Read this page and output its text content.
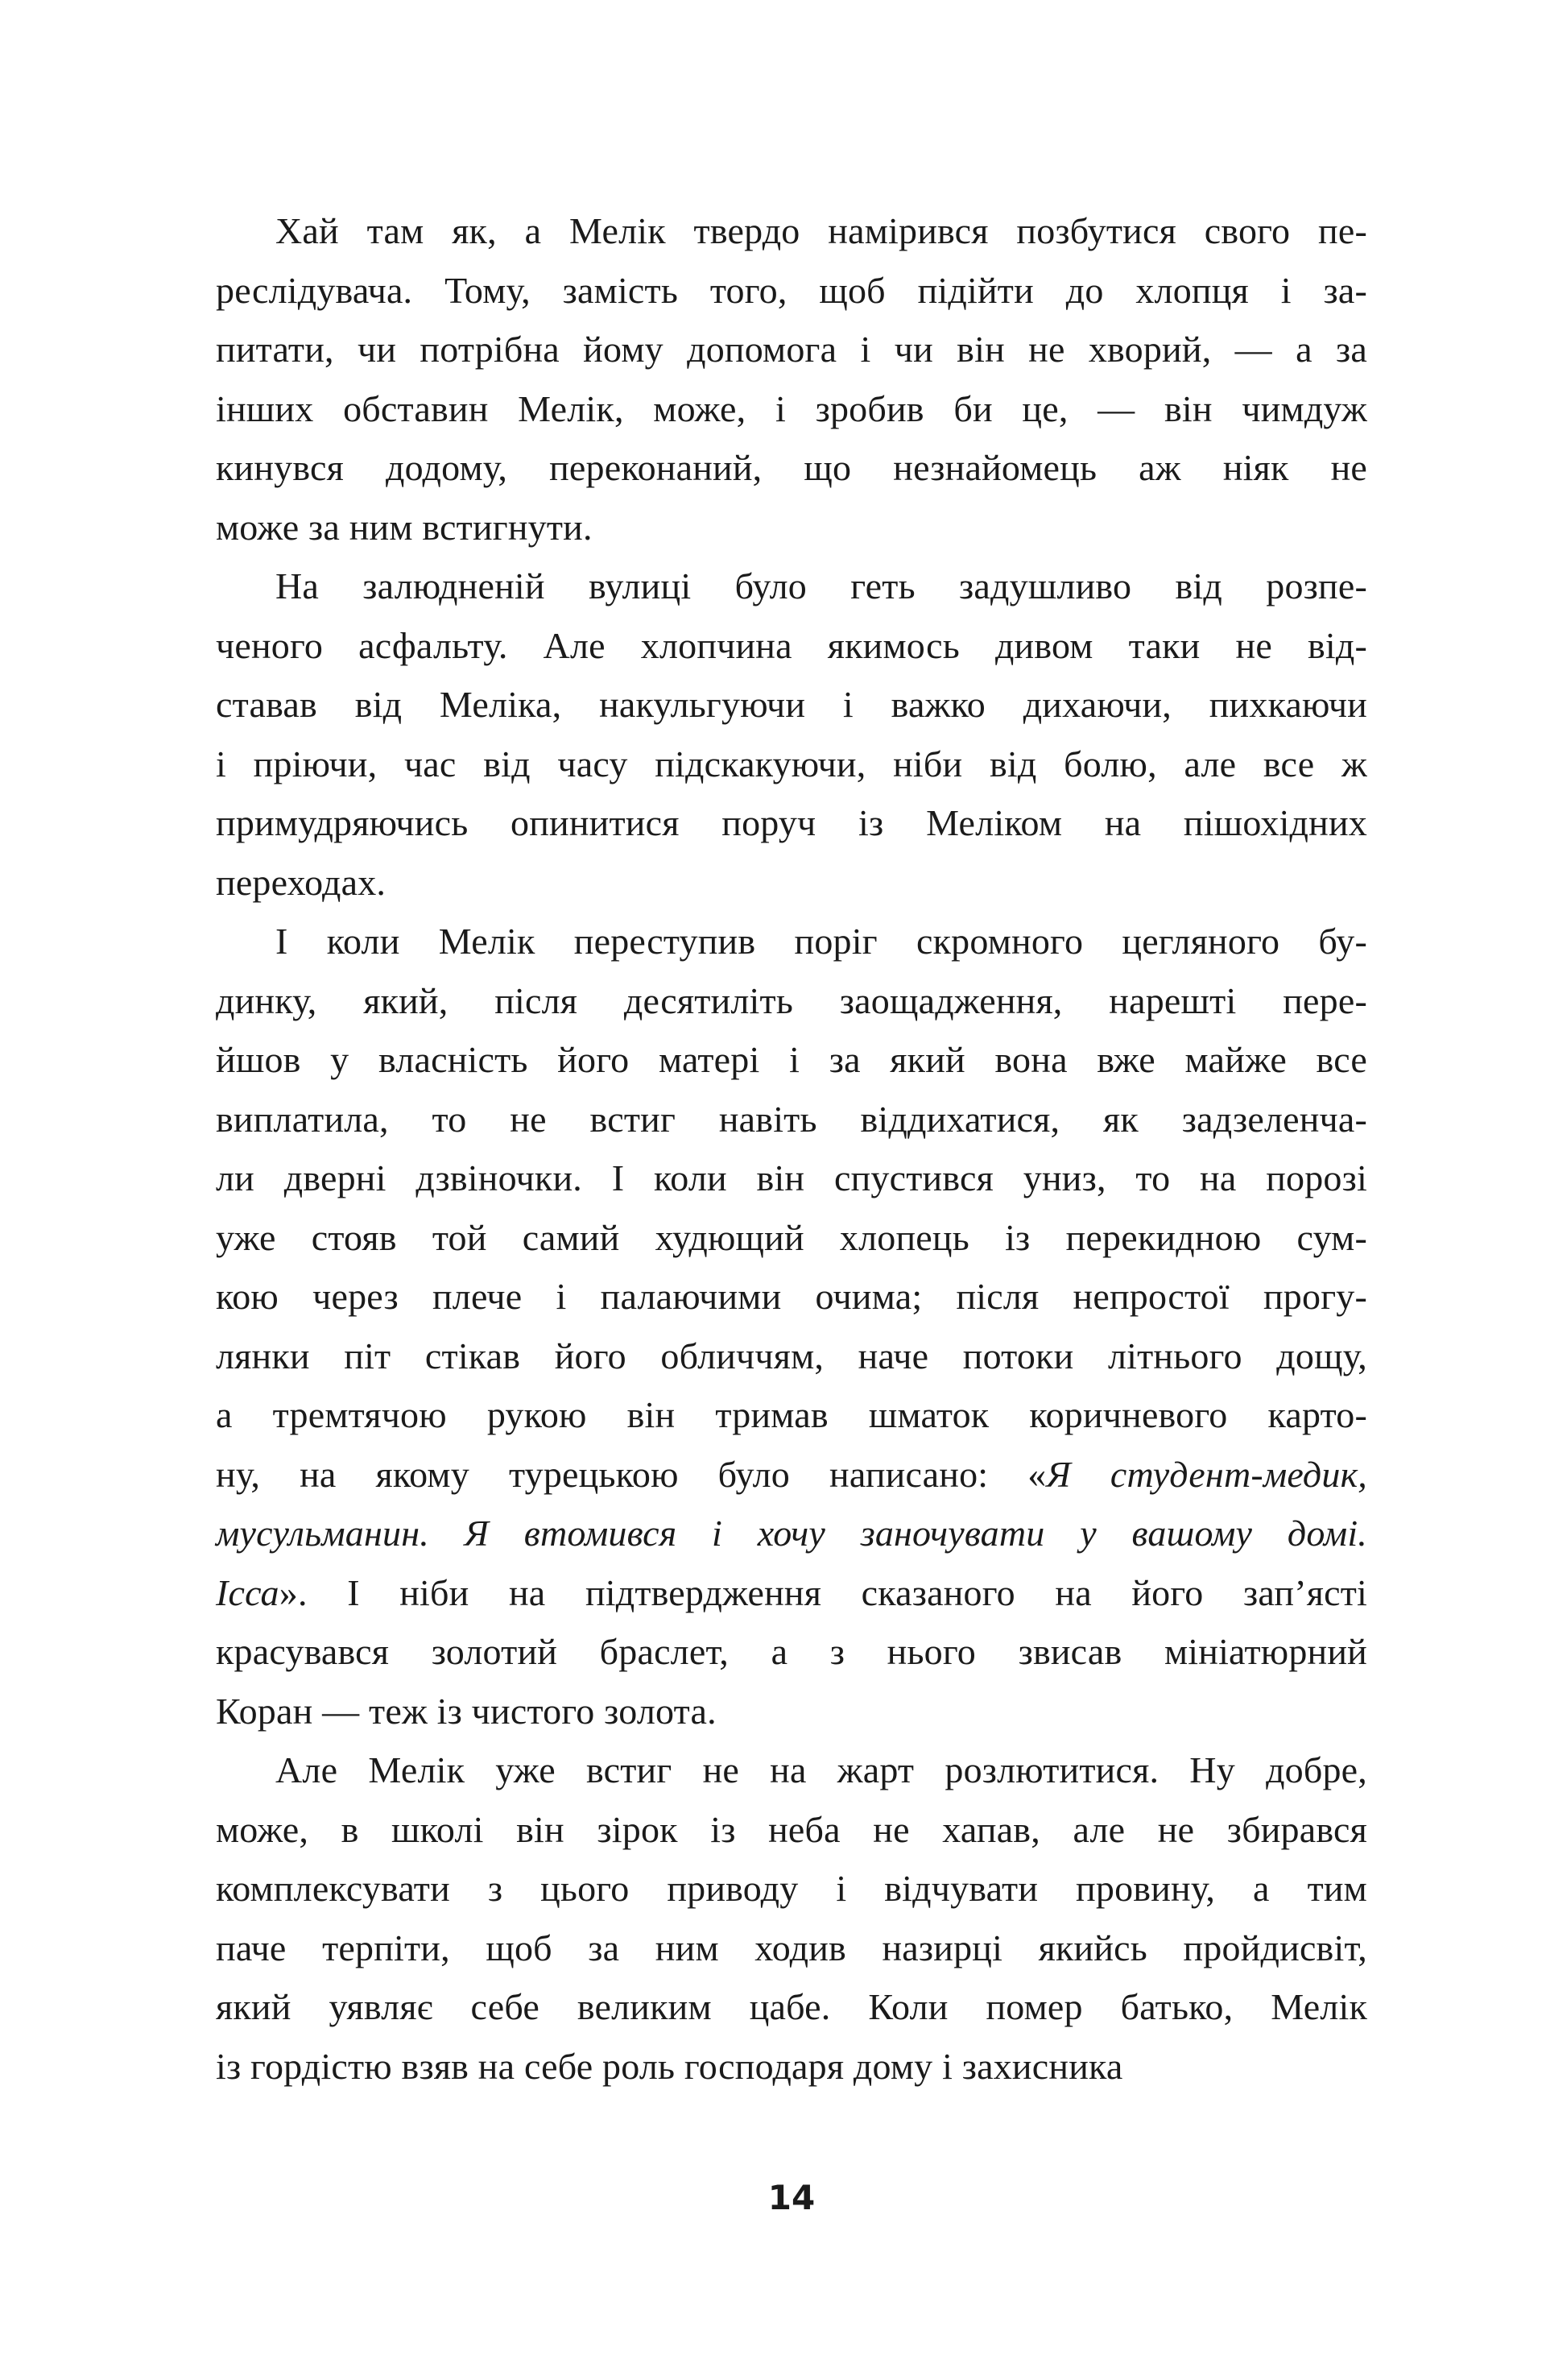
Хай там як, а Мелік твердо намірився позбутися свого пе-
реслідувача. Тому, замість того, щоб підійти до хлопця і за-
питати, чи потрібна йому допомога і чи він не хворий, — а за
інших обставин Мелік, може, і зробив би це, — він чимдуж
кинувся додому, переконаний, що незнайомець аж ніяк не
може за ним встигнути.
На залюдненій вулиці було геть задушливо від розпе-
ченого асфальту. Але хлопчина якимось дивом таки не від-
ставав від Меліка, накульгуючи і важко дихаючи, пихкаючи
і пріючи, час від часу підскакуючи, ніби від болю, але все ж
примудряючись опинитися поруч із Меліком на пішохідних
переходах.
І коли Мелік переступив поріг скромного цегляного бу-
динку, який, після десятиліть заощадження, нарешті пере-
йшов у власність його матері і за який вона вже майже все
виплатила, то не встиг навіть віддихатися, як задзеленча-
ли дверні дзвіночки. І коли він спустився униз, то на порозі
уже стояв той самий худющий хлопець із перекидною сум-
кою через плече і палаючими очима; після непростої прогу-
лянки піт стікав його обличчям, наче потоки літнього дощу,
а тремтячою рукою він тримав шматок коричневого карто-
ну, на якому турецькою було написано: «Я студент-медик,
мусульманин. Я втомився і хочу заночувати у вашому домі.
Ісса». І ніби на підтвердження сказаного на його зап’ясті
красувався золотий браслет, а з нього звисав мініатюрний
Коран — теж із чистого золота.
Але Мелік уже встиг не на жарт розлютитися. Ну добре,
може, в школі він зірок із неба не хапав, але не збирався
комплексувати з цього приводу і відчувати провину, а тим
паче терпіти, щоб за ним ходив назирці якийсь пройдисвіт,
який уявляє себе великим цабе. Коли помер батько, Мелік
із гордістю взяв на себе роль господаря дому і захисника
14
